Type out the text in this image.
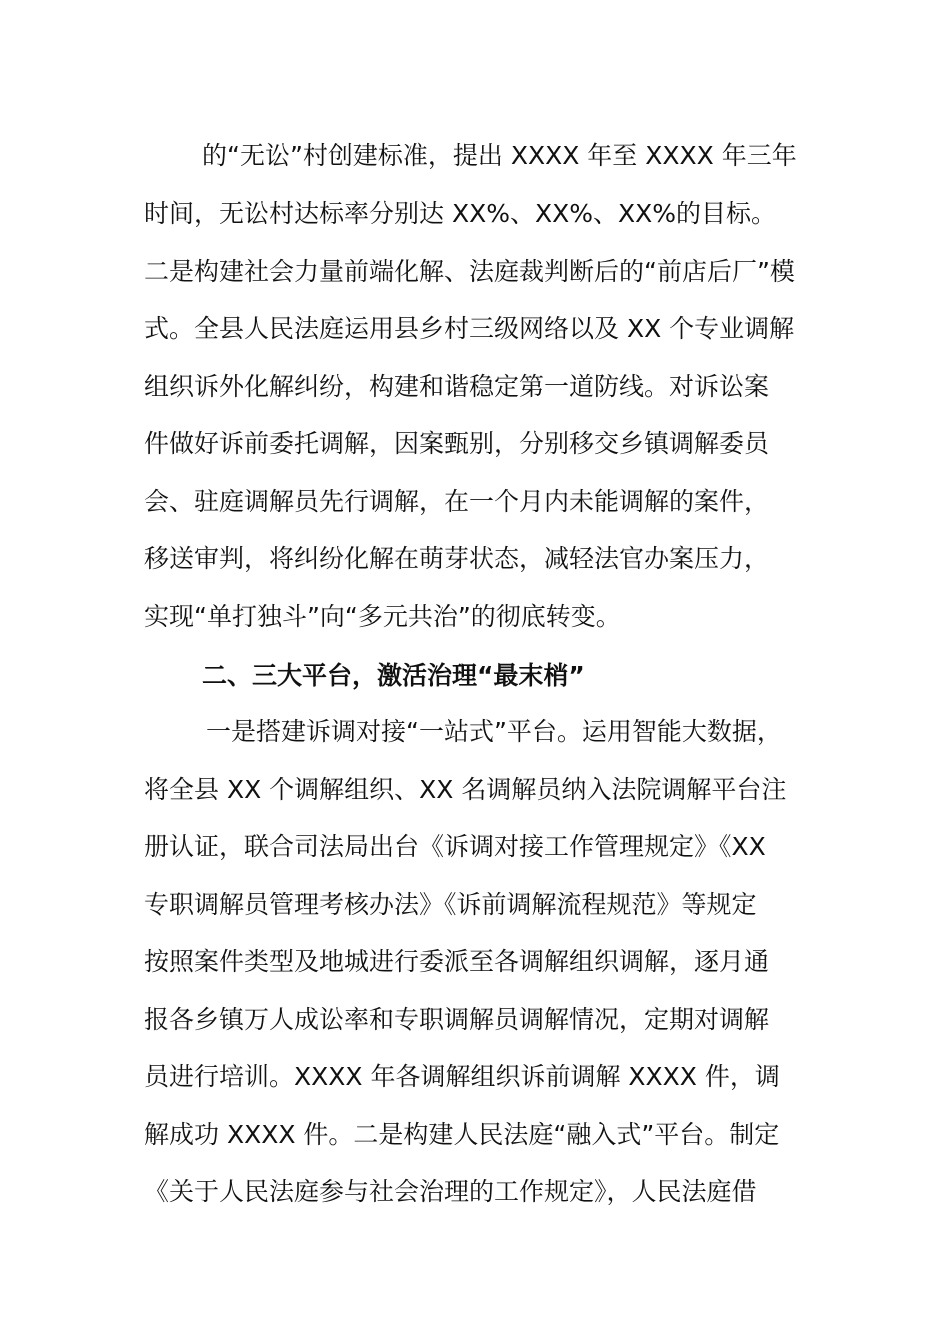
的“无讼”村创建标准，提出 XXXX 年至 XXXX 年三年
时间，无讼村达标率分别达 XX%、XX%、XX%的目标。
二是构建社会力量前端化解、法庭裁判断后的“前店后厂”模
式。全县人民法庭运用县乡村三级网络以及 XX 个专业调解
组织诉外化解纠纷，构建和谐稳定第一道防线。对诉讼案
件做好诉前委托调解，因案甄别，分别移交乡镇调解委员
会、驻庭调解员先行调解，在一个月内未能调解的案件，
移送审判，将纠纷化解在萌芽状态，减轻法官办案压力，
实现“单打独斗”向“多元共治”的彻底转变。
二、三大平台，激活治理“最末梢”
一是搭建诉调对接“一站式”平台。运用智能大数据，
将全县 XX 个调解组织、XX 名调解员纳入法院调解平台注
册认证，联合司法局出台《诉调对接工作管理规定》《XX
专职调解员管理考核办法》《诉前调解流程规范》等规定
按照案件类型及地城进行委派至各调解组织调解，逐月通
报各乡镇万人成讼率和专职调解员调解情况，定期对调解
员进行培训。XXXX 年各调解组织诉前调解 XXXX 件，调
解成功 XXXX 件。二是构建人民法庭“融入式”平台。制定
《关于人民法庭参与社会治理的工作规定》，人民法庭借
